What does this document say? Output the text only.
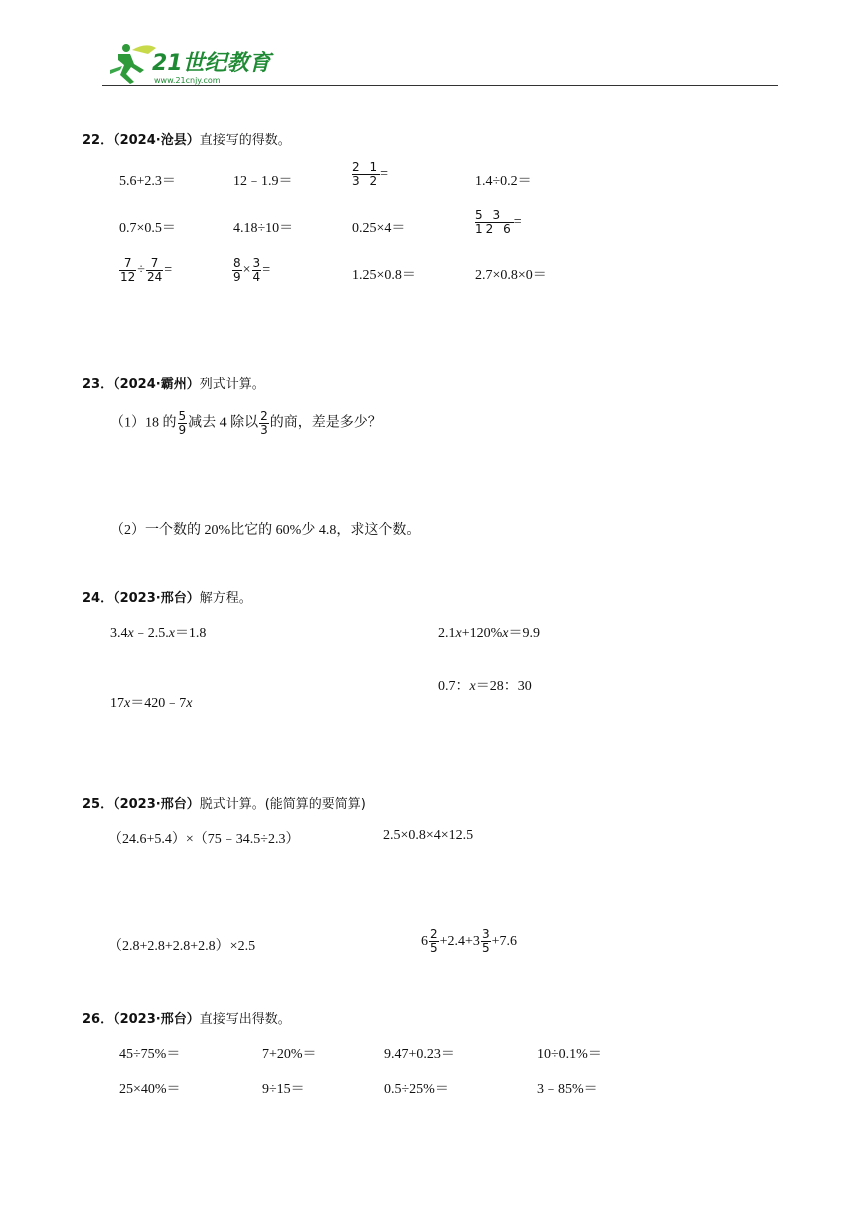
21世纪教育
www.21cnjy.com
22．（2024·沧县）直接写的得数。
5.6+2.3＝	12﹣1.9＝	$\frac{2 1}{3 2}$ =	1.4÷0.2＝
0.7×0.5＝	4.18÷10＝	0.25×4＝	$\frac{5 3}{12 6}$ =
$\frac{7}{12} \div \frac{7}{24}$ =	$\frac{8}{9} \times \frac{3}{4}$ =	1.25×0.8＝	2.7×0.8×0＝
23．（2024·霸州）列式计算。
（1）18 的 $\frac{5}{9}$ 减去 4 除以 $\frac{2}{3}$ 的商，差是多少？
（2）一个数的 20%比它的 60%少 4.8，求这个数。
24．（2023·邢台）解方程。
3.4x﹣2.5.x＝1.8	2.1x+120%x＝9.9
0.7：x＝28：30
17x＝420﹣7x
25．（2023·邢台）脱式计算。(能简算的要简算)
（24.6+5.4）×（75﹣34.5÷2.3）	2.5×0.8×4×12.5
（2.8+2.8+2.8+2.8）×2.5	$6 \frac{2}{5} +2.4+3 \frac{3}{5} +7.6$
26．（2023·邢台）直接写出得数。
45÷75%＝	7+20%＝	9.47+0.23＝	10÷0.1%＝
25×40%＝	9÷15＝	0.5÷25%＝	3﹣85%＝
